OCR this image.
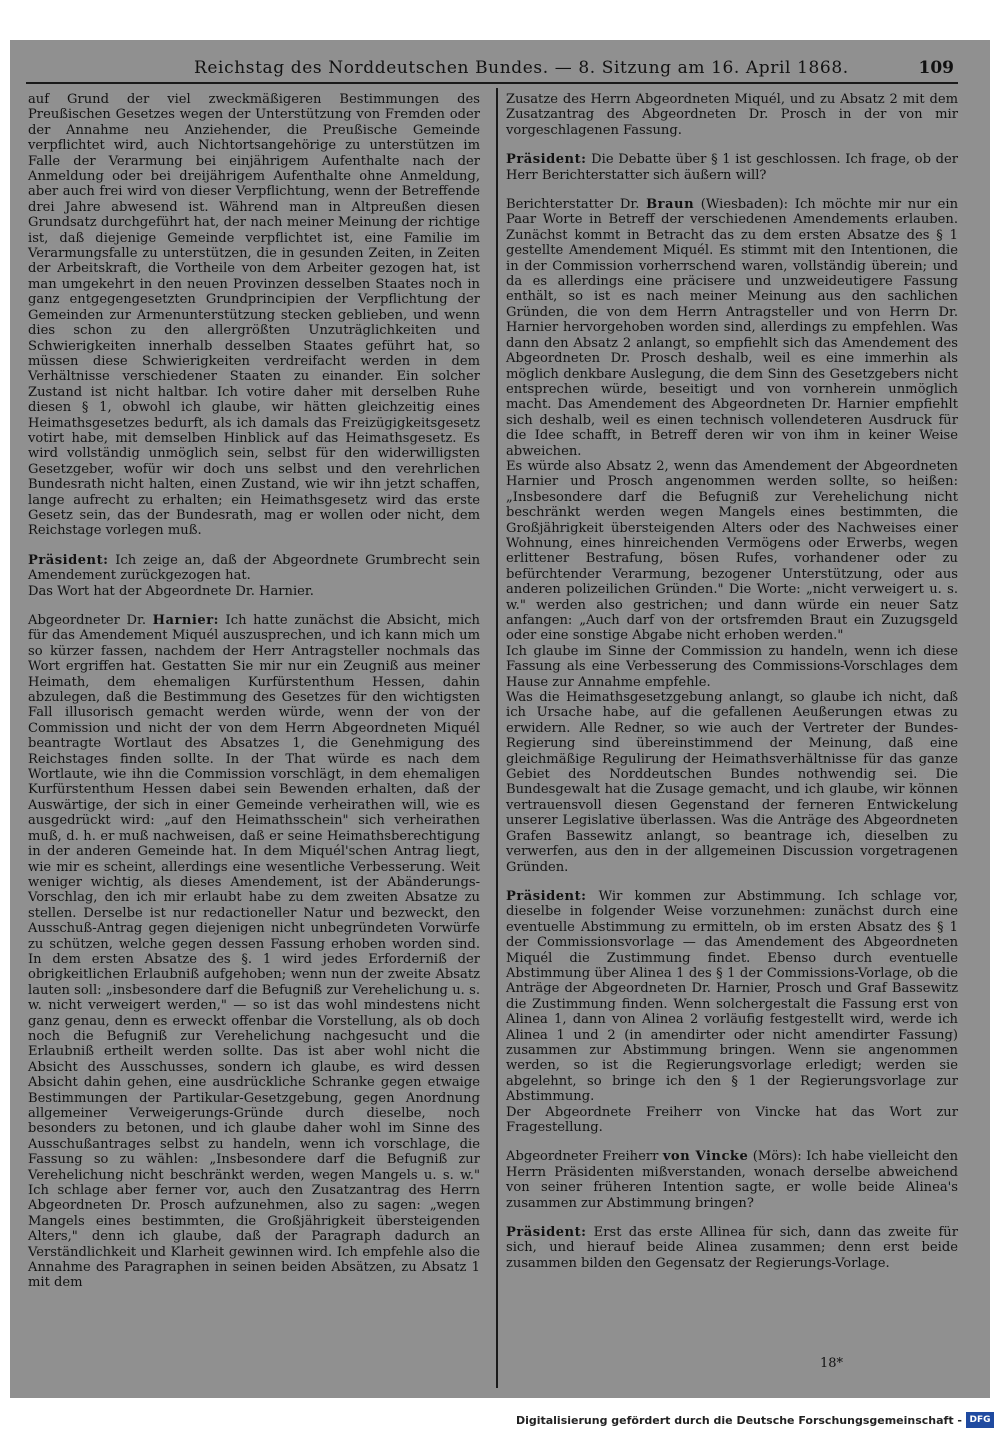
Reichstag des Norddeutschen Bundes. — 8. Sitzung am 16. April 1868.	109

auf Grund der viel zweckmäßigeren Bestimmungen des Preußischen Gesetzes wegen der Unterstützung von Fremden oder der Annahme neu Anziehender, die Preußische Gemeinde verpflichtet wird, auch Nichtortsangehörige zu unterstützen im Falle der Verarmung bei einjährigem Aufenthalte nach der Anmeldung oder bei dreijährigem Aufenthalte ohne Anmeldung, aber auch frei wird von dieser Verpflichtung, wenn der Betreffende drei Jahre abwesend ist. Während man in Altpreußen diesen Grundsatz durchgeführt hat, der nach meiner Meinung der richtige ist, daß diejenige Gemeinde verpflichtet ist, eine Familie im Verarmungsfalle zu unterstützen, die in gesunden Zeiten, in Zeiten der Arbeitskraft, die Vortheile von dem Arbeiter gezogen hat, ist man umgekehrt in den neuen Provinzen desselben Staates noch in ganz entgegengesetzten Grundprincipien der Verpflichtung der Gemeinden zur Armenunterstützung stecken geblieben, und wenn dies schon zu den allergrößten Unzuträglichkeiten und Schwierigkeiten innerhalb desselben Staates geführt hat, so müssen diese Schwierigkeiten verdreifacht werden in dem Verhältnisse verschiedener Staaten zu einander. Ein solcher Zustand ist nicht haltbar. Ich votire daher mit derselben Ruhe diesen § 1, obwohl ich glaube, wir hätten gleichzeitig eines Heimathsgesetzes bedurft, als ich damals das Freizügigkeitsgesetz votirt habe, mit demselben Hinblick auf das Heimathsgesetz. Es wird vollständig unmöglich sein, selbst für den widerwilligsten Gesetzgeber, wofür wir doch uns selbst und den verehrlichen Bundesrath nicht halten, einen Zustand, wie wir ihn jetzt schaffen, lange aufrecht zu erhalten; ein Heimathsgesetz wird das erste Gesetz sein, das der Bundesrath, mag er wollen oder nicht, dem Reichstage vorlegen muß.

Präsident: Ich zeige an, daß der Abgeordnete Grumbrecht sein Amendement zurückgezogen hat.
Das Wort hat der Abgeordnete Dr. Harnier.

Abgeordneter Dr. Harnier: Ich hatte zunächst die Absicht, mich für das Amendement Miquél auszusprechen, und ich kann mich um so kürzer fassen, nachdem der Herr Antragsteller nochmals das Wort ergriffen hat. Gestatten Sie mir nur ein Zeugniß aus meiner Heimath, dem ehemaligen Kurfürstenthum Hessen, dahin abzulegen, daß die Bestimmung des Gesetzes für den wichtigsten Fall illusorisch gemacht werden würde, wenn der von der Commission und nicht der von dem Herrn Abgeordneten Miquél beantragte Wortlaut des Absatzes 1, die Genehmigung des Reichstages finden sollte. In der That würde es nach dem Wortlaute, wie ihn die Commission vorschlägt, in dem ehemaligen Kurfürstenthum Hessen dabei sein Bewenden erhalten, daß der Auswärtige, der sich in einer Gemeinde verheirathen will, wie es ausgedrückt wird: „auf den Heimathsschein" sich verheirathen muß, d. h. er muß nachweisen, daß er seine Heimathsberechtigung in der anderen Gemeinde hat. In dem Miquél'schen Antrag liegt, wie mir es scheint, allerdings eine wesentliche Verbesserung. Weit weniger wichtig, als dieses Amendement, ist der Abänderungs-Vorschlag, den ich mir erlaubt habe zu dem zweiten Absatze zu stellen. Derselbe ist nur redactioneller Natur und bezweckt, den Ausschuß-Antrag gegen diejenigen nicht unbegründeten Vorwürfe zu schützen, welche gegen dessen Fassung erhoben worden sind. In dem ersten Absatze des §. 1 wird jedes Erforderniß der obrigkeitlichen Erlaubniß aufgehoben; wenn nun der zweite Absatz lauten soll: „insbesondere darf die Befugniß zur Verehelichung u. s. w. nicht verweigert werden," — so ist das wohl mindestens nicht ganz genau, denn es erweckt offenbar die Vorstellung, als ob doch noch die Befugniß zur Verehelichung nachgesucht und die Erlaubniß ertheilt werden sollte. Das ist aber wohl nicht die Absicht des Ausschusses, sondern ich glaube, es wird dessen Absicht dahin gehen, eine ausdrückliche Schranke gegen etwaige Bestimmungen der Partikular-Gesetzgebung, gegen Anordnung allgemeiner Verweigerungs-Gründe durch dieselbe, noch besonders zu betonen, und ich glaube daher wohl im Sinne des Ausschußantrages selbst zu handeln, wenn ich vorschlage, die Fassung so zu wählen: „Insbesondere darf die Befugniß zur Verehelichung nicht beschränkt werden, wegen Mangels u. s. w." Ich schlage aber ferner vor, auch den Zusatzantrag des Herrn Abgeordneten Dr. Prosch aufzunehmen, also zu sagen: „wegen Mangels eines bestimmten, die Großjährigkeit übersteigenden Alters," denn ich glaube, daß der Paragraph dadurch an Verständlichkeit und Klarheit gewinnen wird. Ich empfehle also die Annahme des Paragraphen in seinen beiden Absätzen, zu Absatz 1 mit dem

Zusatze des Herrn Abgeordneten Miquél, und zu Absatz 2 mit dem Zusatzantrag des Abgeordneten Dr. Prosch in der von mir vorgeschlagenen Fassung.

Präsident: Die Debatte über § 1 ist geschlossen. Ich frage, ob der Herr Berichterstatter sich äußern will?

Berichterstatter Dr. Braun (Wiesbaden): Ich möchte mir nur ein Paar Worte in Betreff der verschiedenen Amendements erlauben. Zunächst kommt in Betracht das zu dem ersten Absatze des § 1 gestellte Amendement Miquél. Es stimmt mit den Intentionen, die in der Commission vorherrschend waren, vollständig überein; und da es allerdings eine präcisere und unzweideutigere Fassung enthält, so ist es nach meiner Meinung aus den sachlichen Gründen, die von dem Herrn Antragsteller und von Herrn Dr. Harnier hervorgehoben worden sind, allerdings zu empfehlen. Was dann den Absatz 2 anlangt, so empfiehlt sich das Amendement des Abgeordneten Dr. Prosch deshalb, weil es eine immerhin als möglich denkbare Auslegung, die dem Sinn des Gesetzgebers nicht entsprechen würde, beseitigt und von vornherein unmöglich macht. Das Amendement des Abgeordneten Dr. Harnier empfiehlt sich deshalb, weil es einen technisch vollendeteren Ausdruck für die Idee schafft, in Betreff deren wir von ihm in keiner Weise abweichen.
Es würde also Absatz 2, wenn das Amendement der Abgeordneten Harnier und Prosch angenommen werden sollte, so heißen: „Insbesondere darf die Befugniß zur Verehelichung nicht beschränkt werden wegen Mangels eines bestimmten, die Großjährigkeit übersteigenden Alters oder des Nachweises einer Wohnung, eines hinreichenden Vermögens oder Erwerbs, wegen erlittener Bestrafung, bösen Rufes, vorhandener oder zu befürchtender Verarmung, bezogener Unterstützung, oder aus anderen polizeilichen Gründen." Die Worte: „nicht verweigert u. s. w." werden also gestrichen; und dann würde ein neuer Satz anfangen: „Auch darf von der ortsfremden Braut ein Zuzugsgeld oder eine sonstige Abgabe nicht erhoben werden."
Ich glaube im Sinne der Commission zu handeln, wenn ich diese Fassung als eine Verbesserung des Commissions-Vorschlages dem Hause zur Annahme empfehle.
Was die Heimathsgesetzgebung anlangt, so glaube ich nicht, daß ich Ursache habe, auf die gefallenen Aeußerungen etwas zu erwidern. Alle Redner, so wie auch der Vertreter der Bundes-Regierung sind übereinstimmend der Meinung, daß eine gleichmäßige Regulirung der Heimathsverhältnisse für das ganze Gebiet des Norddeutschen Bundes nothwendig sei. Die Bundesgewalt hat die Zusage gemacht, und ich glaube, wir können vertrauensvoll diesen Gegenstand der ferneren Entwickelung unserer Legislative überlassen. Was die Anträge des Abgeordneten Grafen Bassewitz anlangt, so beantrage ich, dieselben zu verwerfen, aus den in der allgemeinen Discussion vorgetragenen Gründen.

Präsident: Wir kommen zur Abstimmung. Ich schlage vor, dieselbe in folgender Weise vorzunehmen: zunächst durch eine eventuelle Abstimmung zu ermitteln, ob im ersten Absatz des § 1 der Commissionsvorlage — das Amendement des Abgeordneten Miquél die Zustimmung findet. Ebenso durch eventuelle Abstimmung über Alinea 1 des § 1 der Commissions-Vorlage, ob die Anträge der Abgeordneten Dr. Harnier, Prosch und Graf Bassewitz die Zustimmung finden. Wenn solchergestalt die Fassung erst von Alinea 1, dann von Alinea 2 vorläufig festgestellt wird, werde ich Alinea 1 und 2 (in amendirter oder nicht amendirter Fassung) zusammen zur Abstimmung bringen. Wenn sie angenommen werden, so ist die Regierungsvorlage erledigt; werden sie abgelehnt, so bringe ich den § 1 der Regierungsvorlage zur Abstimmung.
Der Abgeordnete Freiherr von Vincke hat das Wort zur Fragestellung.

Abgeordneter Freiherr von Vincke (Mörs): Ich habe vielleicht den Herrn Präsidenten mißverstanden, wonach derselbe abweichend von seiner früheren Intention sagte, er wolle beide Alinea's zusammen zur Abstimmung bringen?

Präsident: Erst das erste Allinea für sich, dann das zweite für sich, und hierauf beide Alinea zusammen; denn erst beide zusammen bilden den Gegensatz der Regierungs-Vorlage.

18*
Digitalisierung gefördert durch die Deutsche Forschungsgemeinschaft - DFG
